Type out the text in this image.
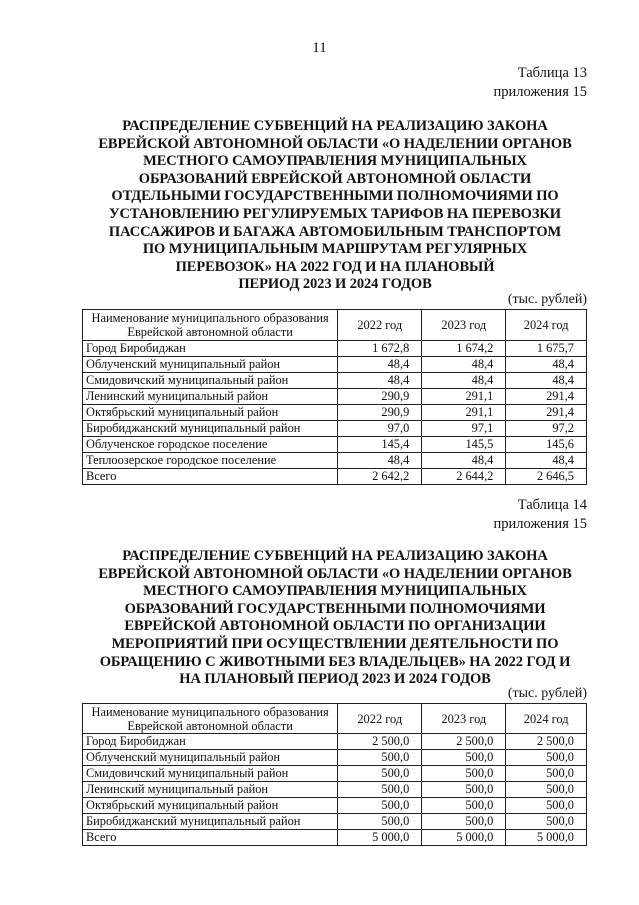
11
Таблица 13
приложения 15
РАСПРЕДЕЛЕНИЕ СУБВЕНЦИЙ НА РЕАЛИЗАЦИЮ ЗАКОНА
ЕВРЕЙСКОЙ АВТОНОМНОЙ ОБЛАСТИ «О НАДЕЛЕНИИ ОРГАНОВ
МЕСТНОГО САМОУПРАВЛЕНИЯ МУНИЦИПАЛЬНЫХ
ОБРАЗОВАНИЙ ЕВРЕЙСКОЙ АВТОНОМНОЙ ОБЛАСТИ
ОТДЕЛЬНЫМИ ГОСУДАРСТВЕННЫМИ ПОЛНОМОЧИЯМИ ПО
УСТАНОВЛЕНИЮ РЕГУЛИРУЕМЫХ ТАРИФОВ НА ПЕРЕВОЗКИ
ПАССАЖИРОВ И БАГАЖА АВТОМОБИЛЬНЫМ ТРАНСПОРТОМ
ПО МУНИЦИПАЛЬНЫМ МАРШРУТАМ РЕГУЛЯРНЫХ
ПЕРЕВОЗОК» НА 2022 ГОД И НА ПЛАНОВЫЙ
ПЕРИОД 2023 И 2024 ГОДОВ
(тыс. рублей)
Наименование муниципального образования
Еврейской автономной области	2022 год	2023 год	2024 год
Город Биробиджан	1 672,8	1 674,2	1 675,7
Облученский муниципальный район	48,4	48,4	48,4
Смидовичский муниципальный район	48,4	48,4	48,4
Ленинский муниципальный район	290,9	291,1	291,4
Октябрьский муниципальный район	290,9	291,1	291,4
Биробиджанский муниципальный район	97,0	97,1	97,2
Облученское городское поселение	145,4	145,5	145,6
Теплоозерское городское поселение	48,4	48,4	48,4
Всего	2 642,2	2 644,2	2 646,5
Таблица 14
приложения 15
РАСПРЕДЕЛЕНИЕ СУБВЕНЦИЙ НА РЕАЛИЗАЦИЮ ЗАКОНА
ЕВРЕЙСКОЙ АВТОНОМНОЙ ОБЛАСТИ «О НАДЕЛЕНИИ ОРГАНОВ
МЕСТНОГО САМОУПРАВЛЕНИЯ МУНИЦИПАЛЬНЫХ
ОБРАЗОВАНИЙ ГОСУДАРСТВЕННЫМИ ПОЛНОМОЧИЯМИ
ЕВРЕЙСКОЙ АВТОНОМНОЙ ОБЛАСТИ ПО ОРГАНИЗАЦИИ
МЕРОПРИЯТИЙ ПРИ ОСУЩЕСТВЛЕНИИ ДЕЯТЕЛЬНОСТИ ПО
ОБРАЩЕНИЮ С ЖИВОТНЫМИ БЕЗ ВЛАДЕЛЬЦЕВ» НА 2022 ГОД И
НА ПЛАНОВЫЙ ПЕРИОД 2023 И 2024 ГОДОВ
(тыс. рублей)
Наименование муниципального образования
Еврейской автономной области	2022 год	2023 год	2024 год
Город Биробиджан	2 500,0	2 500,0	2 500,0
Облученский муниципальный район	500,0	500,0	500,0
Смидовичский муниципальный район	500,0	500,0	500,0
Ленинский муниципальный район	500,0	500,0	500,0
Октябрьский муниципальный район	500,0	500,0	500,0
Биробиджанский муниципальный район	500,0	500,0	500,0
Всего	5 000,0	5 000,0	5 000,0
